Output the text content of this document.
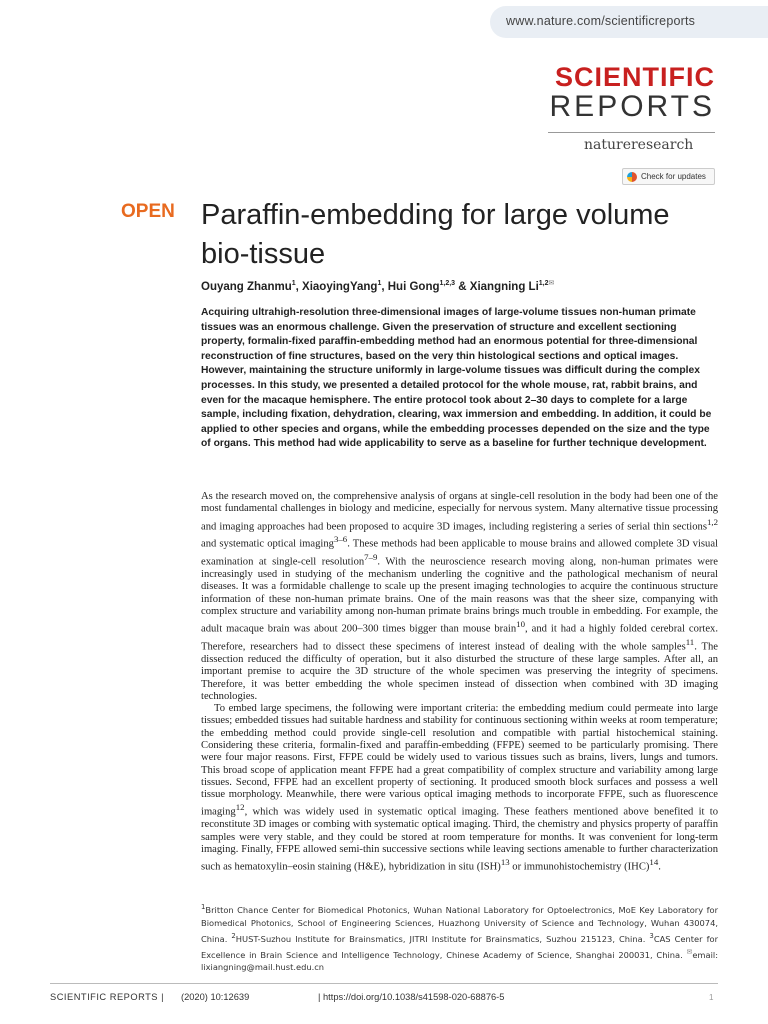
www.nature.com/scientificreports
SCIENTIFIC
REPORTS
natureresearch
Check for updates
OPEN Paraffin-embedding for large volume bio-tissue
Ouyang Zhanmu$^1$, XiaoyingYang$^1$, Hui Gong$^{1,2,3}$ & Xiangning $Li^{1,2✉}$

Acquiring ultrahigh-resolution three-dimensional images of large-volume tissues non-human primate tissues was an enormous challenge. Given the preservation of structure and excellent sectioning property, formalin-fixed paraffin-embedding method had an enormous potential for three-dimensional reconstruction of fine structures, based on the very thin histological sections and optical images. However, maintaining the structure uniformly in large-volume tissues was difficult during the complex processes. In this study, we presented a detailed protocol for the whole mouse, rat, rabbit brains, and even for the macaque hemisphere. The entire protocol took about 2–30 days to complete for a large sample, including fixation, dehydration, clearing, wax immersion and embedding. In addition, it could be applied to other species and organs, while the embedding processes depended on the size and the type of organs. This method had wide applicability to serve as a baseline for further technique development.

As the research moved on, the comprehensive analysis of organs at single-cell resolution in the body had been one of the most fundamental challenges in biology and medicine, especially for nervous system. Many alternative tissue processing and imaging approaches had been proposed to acquire 3D images, including registering a series of serial thin sections$^{1,2}$ and systematic optical imaging$^{3-6}$. These methods had been applicable to mouse brains and allowed complete 3D visual examination at single-cell resolution$^{7-9}$. With the neuroscience research moving along, non-human primates were increasingly used in studying of the mechanism underling the cognitive and the pathological mechanism of neural diseases. It was a formidable challenge to scale up the present imaging technologies to acquire the continuous structure information of these non-human primate brains. One of the main reasons was that the sheer size, companying with complex structure and variability among non-human primate brains brings much trouble in embedding. For example, the adult macaque brain was about 200–300 times bigger than mouse brain$^{10}$, and it had a highly folded cerebral cortex. Therefore, researchers had to dissect these specimens of interest instead of dealing with the whole samples$^{11}$. The dissection reduced the difficulty of operation, but it also disturbed the structure of these large samples. After all, an important premise to acquire the 3D structure of the whole specimen was preserving the integrity of specimens. Therefore, it was better embedding the whole specimen instead of dissection when combined with 3D imaging technologies.

To embed large specimens, the following were important criteria: the embedding medium could permeate into large tissues; embedded tissues had suitable hardness and stability for continuous sectioning within weeks at room temperature; the embedding method could provide single-cell resolution and compatible with partial histochemical staining. Considering these criteria, formalin-fixed and paraffin-embedding (FFPE) seemed to be particularly promising. There were four major reasons. First, FFPE could be widely used to various tissues such as brains, livers, lungs and tumors. This broad scope of application meant FFPE had a great compatibility of complex structure and variability among large tissues. Second, FFPE had an excellent property of sectioning. It produced smooth block surfaces and possess a well tissue morphology. Meanwhile, there were various optical imaging methods to incorporate FFPE, such as fluorescence imaging$^{12}$, which was widely used in systematic optical imaging. These feathers mentioned above benefited it to reconstitute 3D images or combing with systematic optical imaging. Third, the chemistry and physics property of paraffin samples were very stable, and they could be stored at room temperature for months. It was convenient for long-term imaging. Finally, FFPE allowed semi-thin successive sections while leaving sections amenable to further characterization such as hematoxylin–eosin staining (H&E), hybridization in situ (ISH)$^{13}$ or immunohistochemistry (IHC)$^{14}$.

$^1$Britton Chance Center for Biomedical Photonics, Wuhan National Laboratory for Optoelectronics, MoE Key Laboratory for Biomedical Photonics, School of Engineering Sciences, Huazhong University of Science and Technology, Wuhan 430074, China. $^2$HUST-Suzhou Institute for Brainsmatics, JITRI Institute for Brainsmatics, Suzhou 215123, China. $^3$CAS Center for Excellence in Brain Science and Intelligence Technology, Chinese Academy of Science, Shanghai 200031, China. ✉email: lixiangning@mail.hust.edu.cn

SCIENTIFIC REPORTS | (2020) 10:12639	| https://doi.org/10.1038/s41598-020-68876-5	1
